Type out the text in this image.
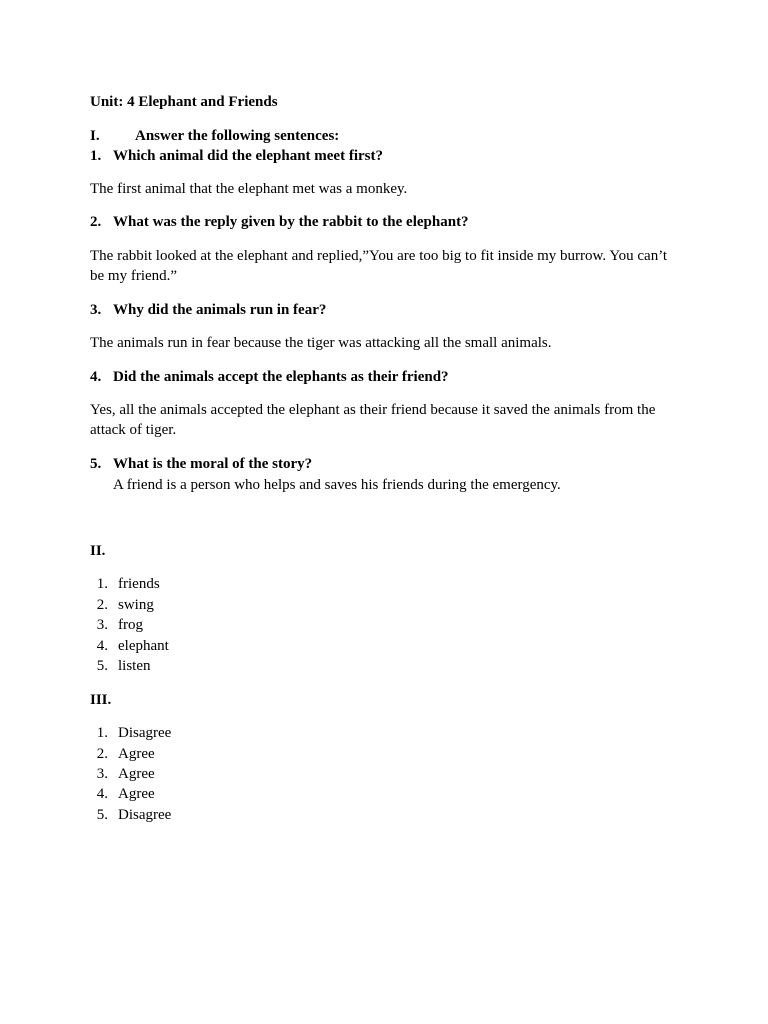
Unit: 4 Elephant and Friends
I. Answer the following sentences:
1. Which animal did the elephant meet first?
The first animal that the elephant met was a monkey.
2. What was the reply given by the rabbit to the elephant?
The rabbit looked at the elephant and replied,”You are too big to fit inside my burrow. You can’t
be my friend.”
3. Why did the animals run in fear?
The animals run in fear because the tiger was attacking all the small animals.
4. Did the animals accept the elephants as their friend?
Yes, all the animals accepted the elephant as their friend because it saved the animals from the
attack of tiger.
5. What is the moral of the story?
A friend is a person who helps and saves his friends during the emergency.
II.
1. friends
2. swing
3. frog
4. elephant
5. listen
III.
1. Disagree
2. Agree
3. Agree
4. Agree
5. Disagree
